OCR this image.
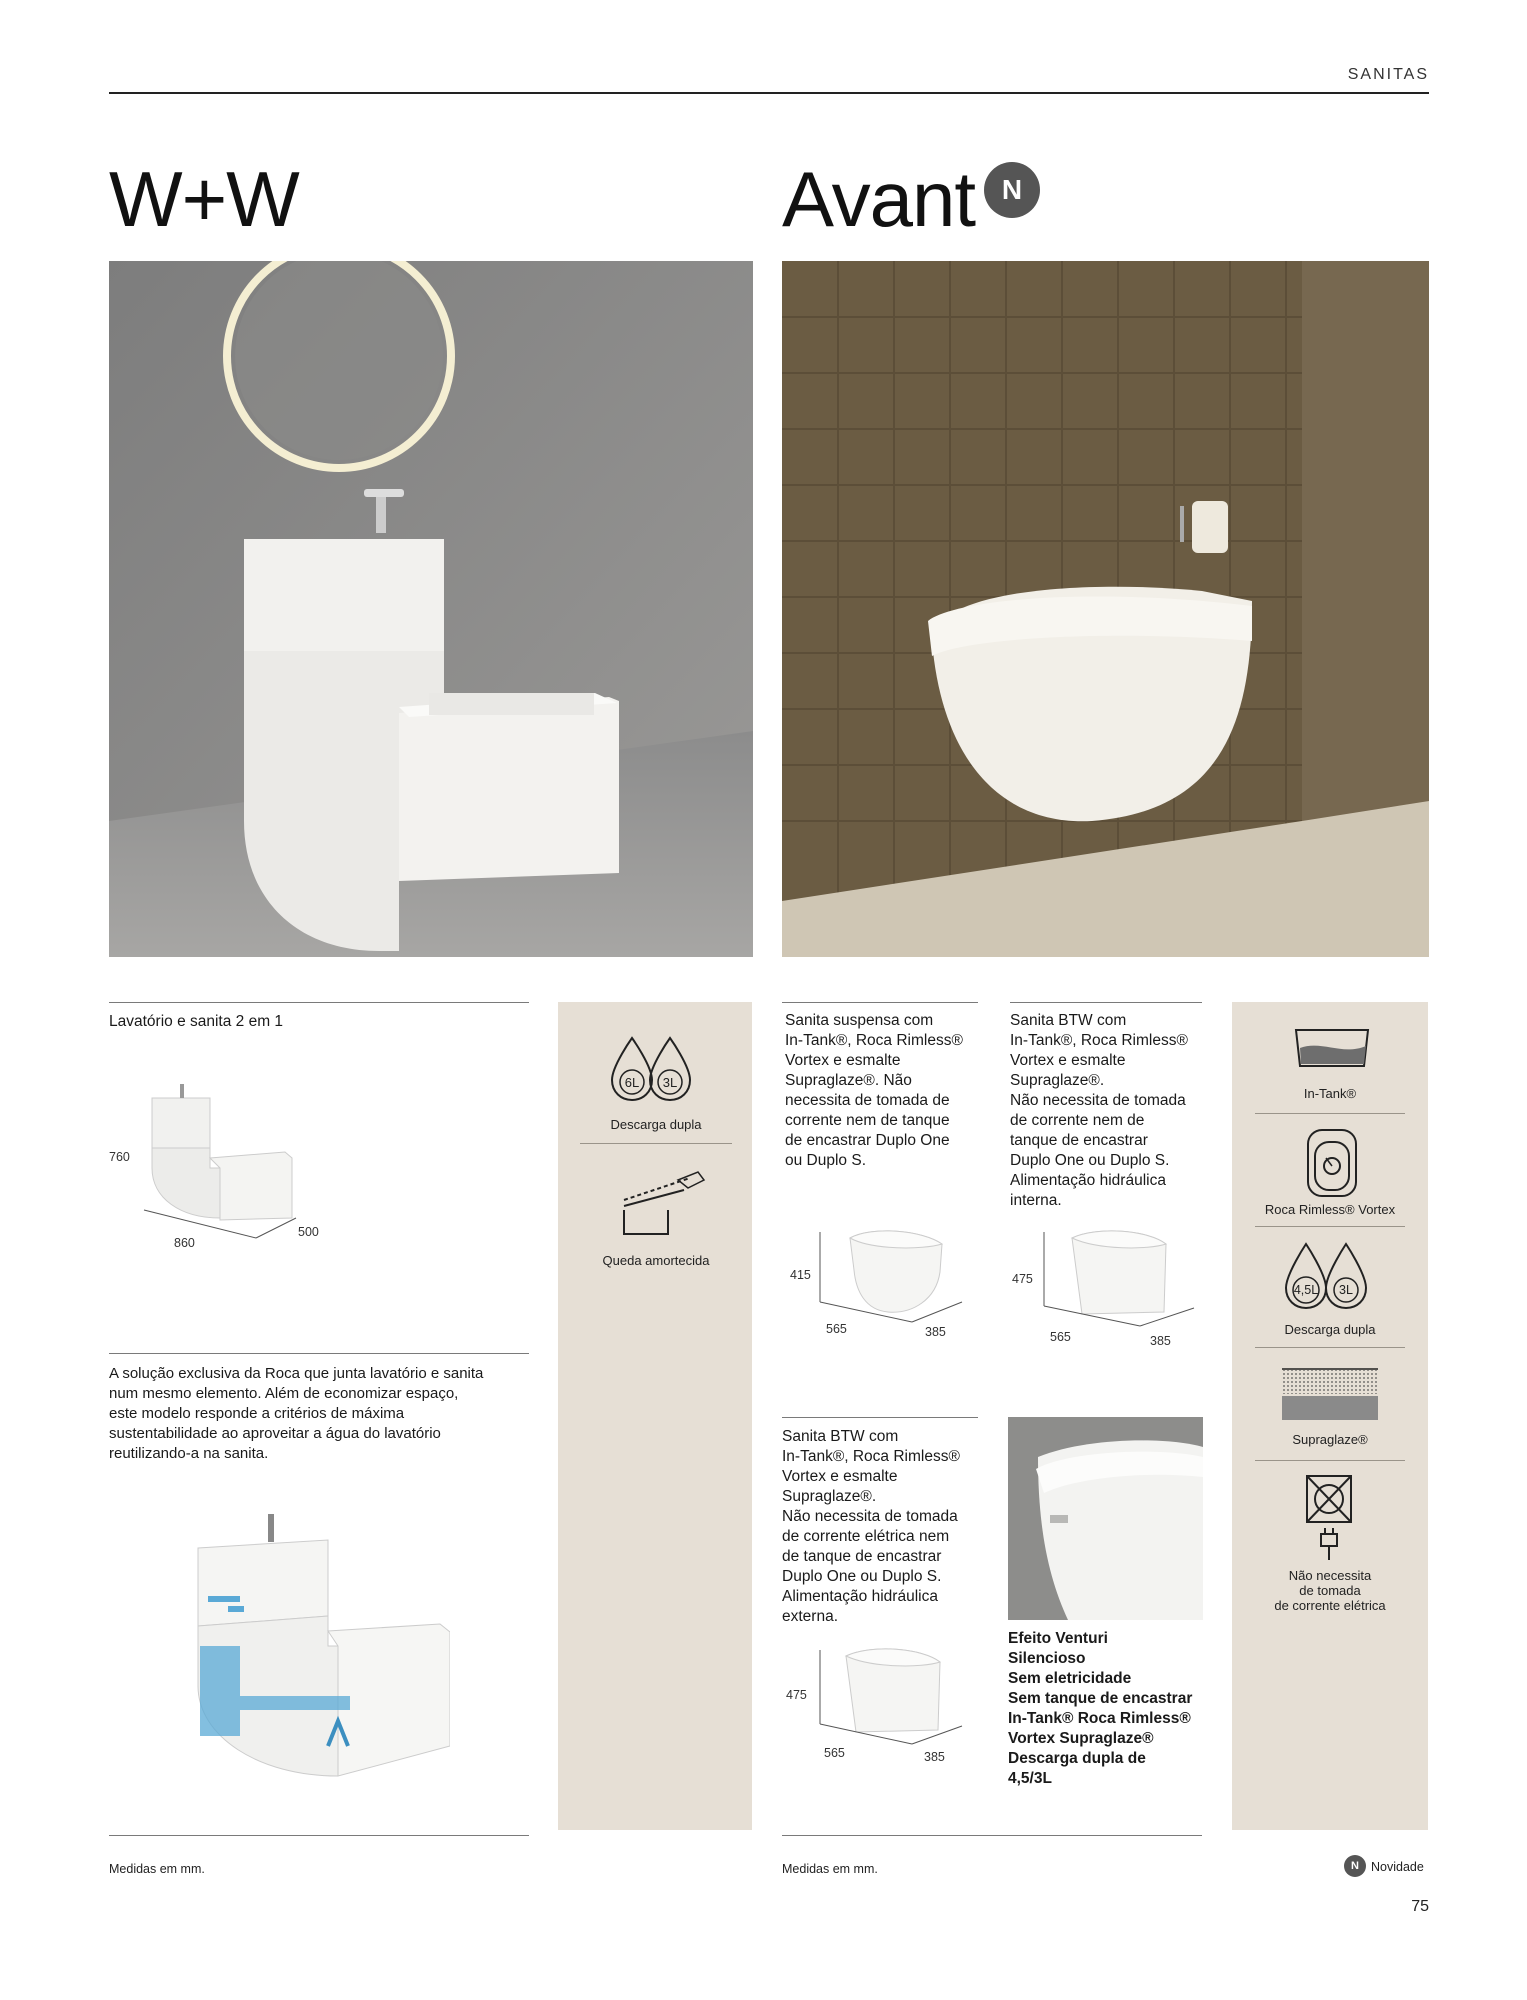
SANITAS
W+W	Avant N
Lavatório e sanita 2 em 1
760
860
500
A solução exclusiva da Roca que junta lavatório e sanita
num mesmo elemento. Além de economizar espaço,
este modelo responde a critérios de máxima
sustentabilidade ao aproveitar a água do lavatório
reutilizando-a na sanita.
Medidas em mm.
6L	3L
Descarga dupla
Queda amortecida
Sanita suspensa com
In-Tank®, Roca Rimless®
Vortex e esmalte
Supraglaze®. Não
necessita de tomada de
corrente nem de tanque
de encastrar Duplo One
ou Duplo S.
Sanita BTW com
In-Tank®, Roca Rimless®
Vortex e esmalte
Supraglaze®.
Não necessita de tomada
de corrente nem de
tanque de encastrar
Duplo One ou Duplo S.
Alimentação hidráulica
interna.
415
565	385
475
565	385
Sanita BTW com
In-Tank®, Roca Rimless®
Vortex e esmalte
Supraglaze®.
Não necessita de tomada
de corrente elétrica nem
de tanque de encastrar
Duplo One ou Duplo S.
Alimentação hidráulica
externa.
475
565	385
Efeito Venturi
Silencioso
Sem eletricidade
Sem tanque de encastrar
In-Tank® Roca Rimless®
Vortex Supraglaze®
Descarga dupla de
4,5/3L
Medidas em mm.
In-Tank®
Roca Rimless® Vortex
4,5L	3L
Descarga dupla
Supraglaze®
Não necessita
de tomada
de corrente elétrica
N Novidade
75
